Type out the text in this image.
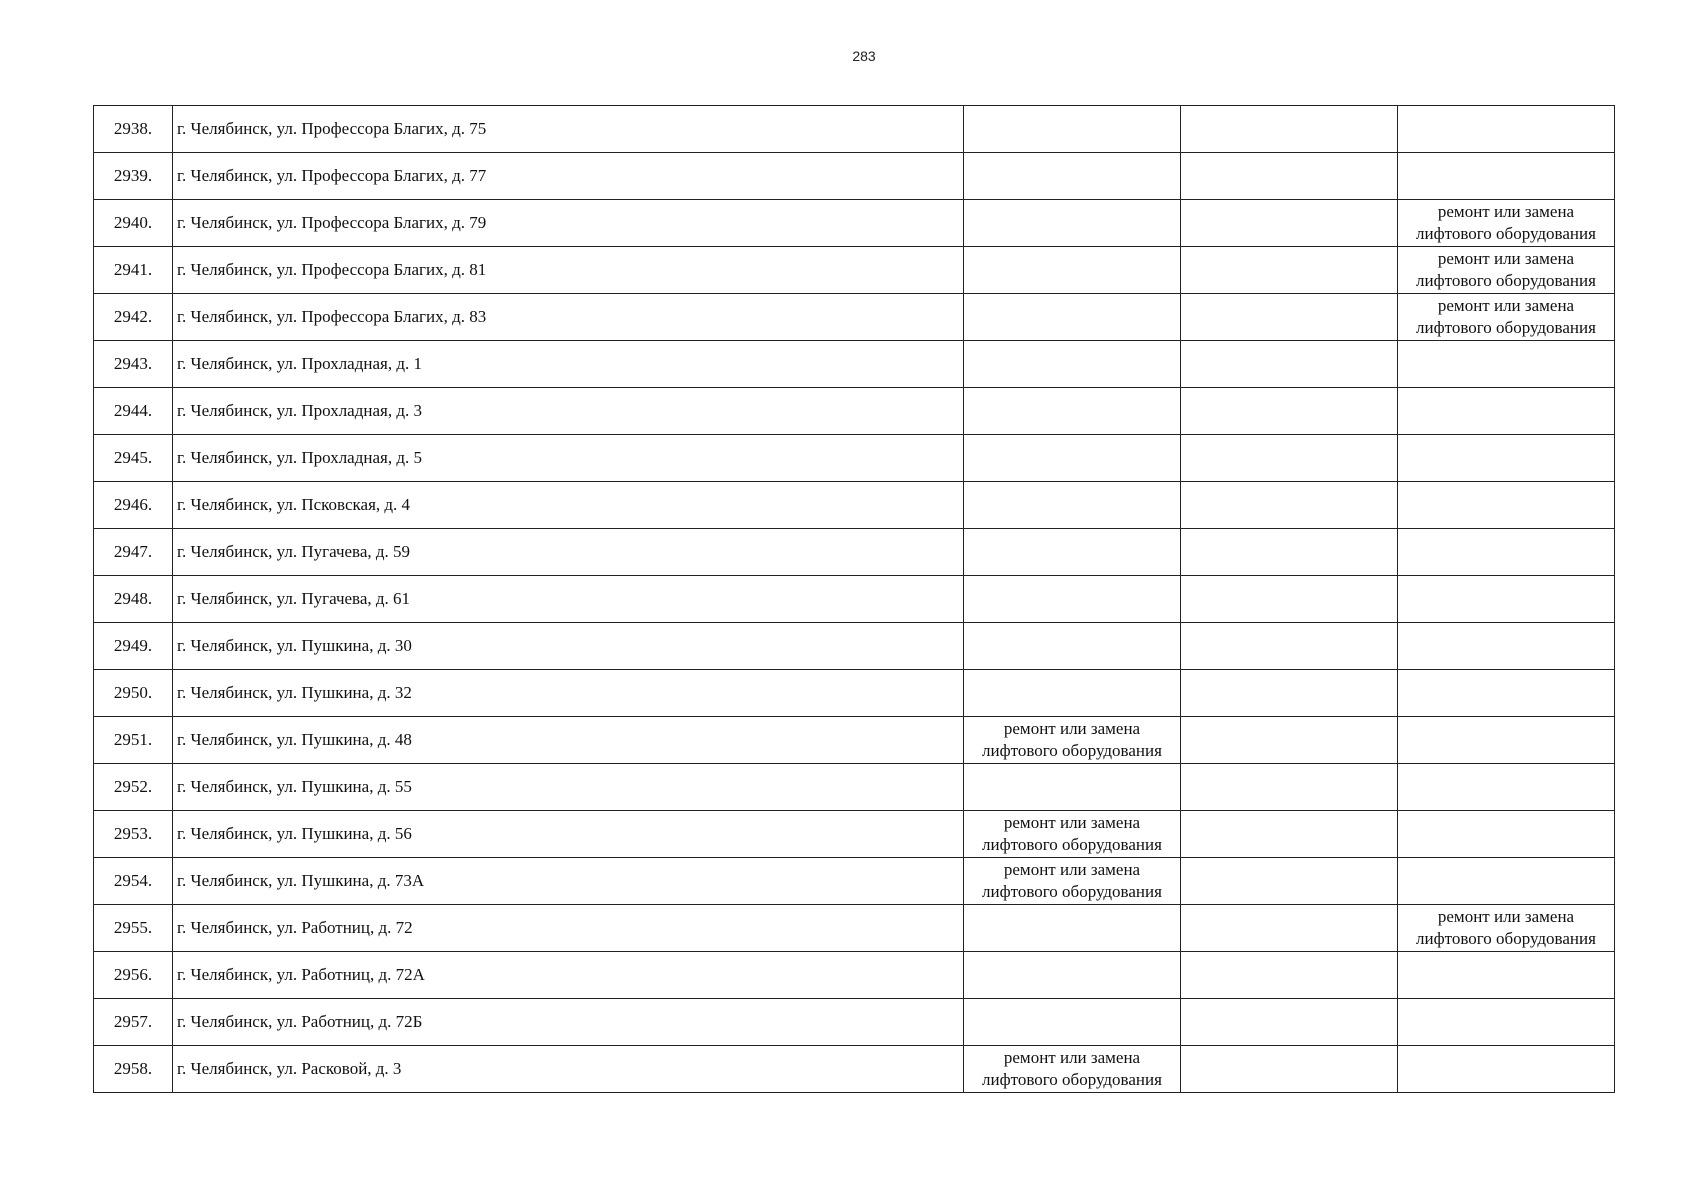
283
2938.	г. Челябинск, ул. Профессора Благих, д. 75			
2939.	г. Челябинск, ул. Профессора Благих, д. 77			
2940.	г. Челябинск, ул. Профессора Благих, д. 79			ремонт или замена
лифтового оборудования

2941.	г. Челябинск, ул. Профессора Благих, д. 81			ремонт или замена
лифтового оборудования

2942.	г. Челябинск, ул. Профессора Благих, д. 83			ремонт или замена
лифтового оборудования

2943.	г. Челябинск, ул. Прохладная, д. 1			
2944.	г. Челябинск, ул. Прохладная, д. 3			
2945.	г. Челябинск, ул. Прохладная, д. 5			
2946.	г. Челябинск, ул. Псковская, д. 4			
2947.	г. Челябинск, ул. Пугачева, д. 59			
2948.	г. Челябинск, ул. Пугачева, д. 61			
2949.	г. Челябинск, ул. Пушкина, д. 30			
2950.	г. Челябинск, ул. Пушкина, д. 32			
2951.	г. Челябинск, ул. Пушкина, д. 48	ремонт или замена
лифтового оборудования		

2952.	г. Челябинск, ул. Пушкина, д. 55			
2953.	г. Челябинск, ул. Пушкина, д. 56	ремонт или замена
лифтового оборудования		

2954.	г. Челябинск, ул. Пушкина, д. 73А	ремонт или замена
лифтового оборудования		

2955.	г. Челябинск, ул. Работниц, д. 72			ремонт или замена
лифтового оборудования

2956.	г. Челябинск, ул. Работниц, д. 72А			
2957.	г. Челябинск, ул. Работниц, д. 72Б			
2958.	г. Челябинск, ул. Расковой, д. 3	ремонт или замена
лифтового оборудования		
